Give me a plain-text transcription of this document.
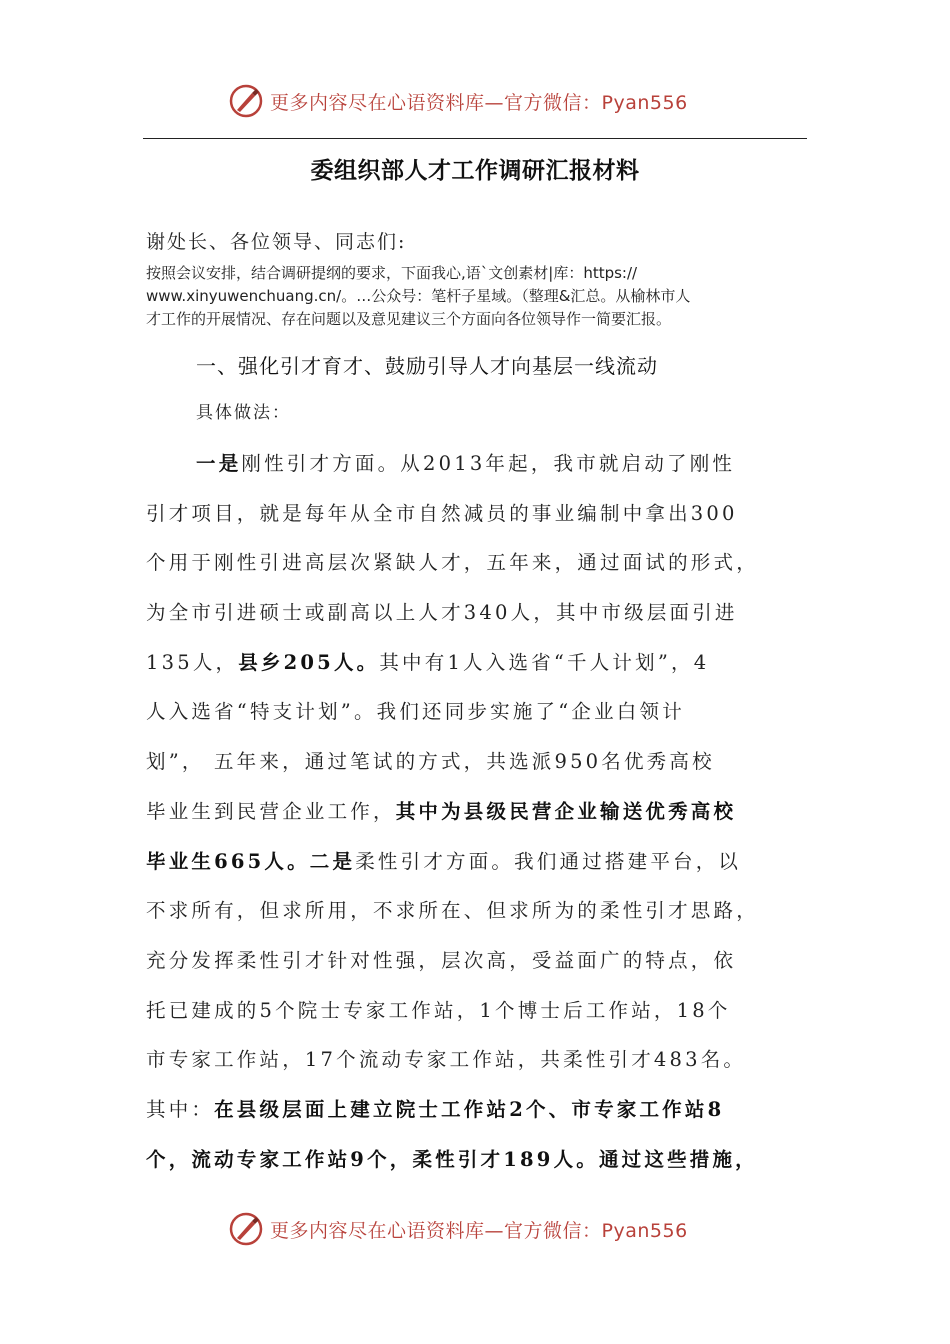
更多内容尽在心语资料库—官方微信：Pyan556
委组织部人才工作调研汇报材料
谢处长、各位领导、同志们:
按照会议安排，结合调研提纲的要求，下面我心,语`文创素材|库：https://
www.xinyuwenchuang.cn/。…公众号：笔杆子星域。（整理&汇总。从榆林市人
才工作的开展情况、存在问题以及意见建议三个方面向各位领导作一简要汇报。
一、强化引才育才、鼓励引导人才向基层一线流动
具体做法：
一是刚性引才方面。从2013年起，我市就启动了刚性
引才项目，就是每年从全市自然减员的事业编制中拿出300
个用于刚性引进高层次紧缺人才，五年来，通过面试的形式，
为全市引进硕士或副高以上人才340人，其中市级层面引进
135人，县乡205人。其中有1人入选省“千人计划”，4
人入选省“特支计划”。我们还同步实施了“企业白领计
划”， 五年来，通过笔试的方式，共选派950名优秀高校
毕业生到民营企业工作，其中为县级民营企业输送优秀高校
毕业生665人。二是柔性引才方面。我们通过搭建平台，以
不求所有，但求所用，不求所在、但求所为的柔性引才思路，
充分发挥柔性引才针对性强，层次高，受益面广的特点，依
托已建成的5个院士专家工作站，1个博士后工作站，18个
市专家工作站，17个流动专家工作站，共柔性引才483名。
其中：在县级层面上建立院士工作站2个、市专家工作站8
个，流动专家工作站9个，柔性引才189人。通过这些措施，
更多内容尽在心语资料库—官方微信：Pyan556
